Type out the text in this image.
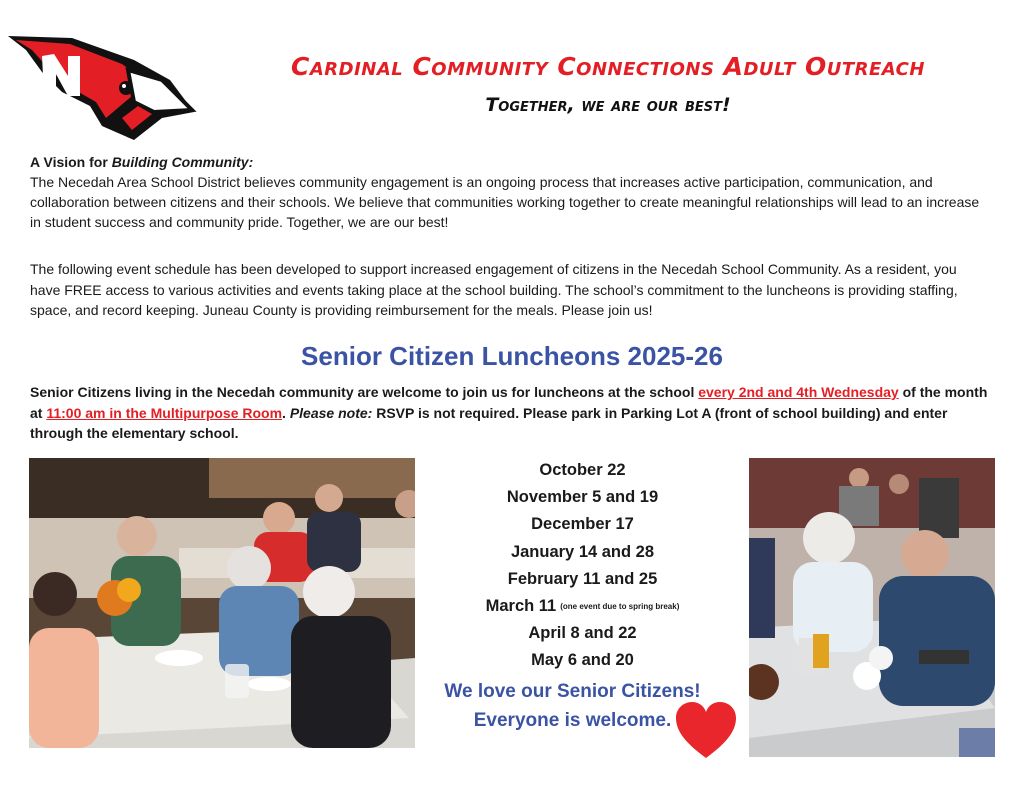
Cardinal Community Connections Adult Outreach
Together, we are our best!
A Vision for Building Community:

The Necedah Area School District believes community engagement is an ongoing process that increases active participation, communication, and collaboration between citizens and their schools. We believe that communities working together to create meaningful relationships will lead to an increase in student success and community pride. Together, we are our best!

The following event schedule has been developed to support increased engagement of citizens in the Necedah School Community. As a resident, you have FREE access to various activities and events taking place at the school building. The school’s commitment to the luncheons is providing staffing, space, and record keeping. Juneau County is providing reimbursement for the meals. Please join us!

Senior Citizen Luncheons 2025-26

Senior Citizens living in the Necedah community are welcome to join us for luncheons at the school every 2nd and 4th Wednesday of the month at 11:00 am in the Multipurpose Room. Please note: RSVP is not required. Please park in Parking Lot A (front of school building) and enter through the elementary school.

October 22
November 5 and 19
December 17
January 14 and 28
February 11 and 25
March 11 (one event due to spring break)
April 8 and 22
May 6 and 20
We love our Senior Citizens!
Everyone is welcome.
